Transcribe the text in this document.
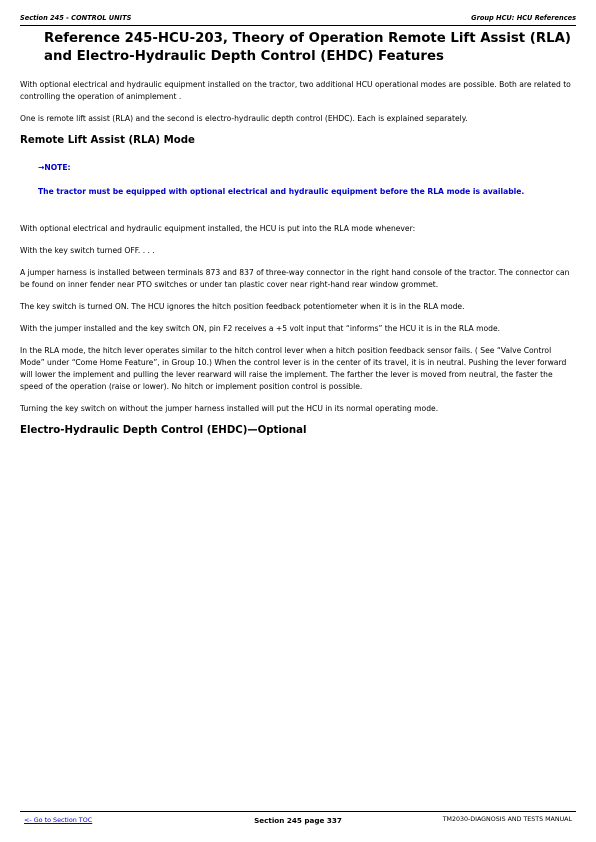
Section 245 - CONTROL UNITS	Group HCU: HCU References
Reference 245-HCU-203, Theory of Operation Remote Lift Assist (RLA) and Electro-Hydraulic Depth Control (EHDC) Features

With optional electrical and hydraulic equipment installed on the tractor, two additional HCU operational modes are possible. Both are related to controlling the operation of animplement .

One is remote lift assist (RLA) and the second is electro-hydraulic depth control (EHDC). Each is explained separately.

Remote Lift Assist (RLA) Mode
→NOTE:
The tractor must be equipped with optional electrical and hydraulic equipment before the RLA mode is available.

With optional electrical and hydraulic equipment installed, the HCU is put into the RLA mode whenever:

With the key switch turned OFF. . . .

A jumper harness is installed between terminals 873 and 837 of three-way connector in the right hand console of the tractor. The connector can be found on inner fender near PTO switches or under tan plastic cover near right-hand rear window grommet.

The key switch is turned ON. The HCU ignores the hitch position feedback potentiometer when it is in the RLA mode.

With the jumper installed and the key switch ON, pin F2 receives a +5 volt input that “informs” the HCU it is in the RLA mode.

In the RLA mode, the hitch lever operates similar to the hitch control lever when a hitch position feedback sensor fails. ( See “Valve Control Mode” under “Come Home Feature”, in Group 10.) When the control lever is in the center of its travel, it is in neutral. Pushing the lever forward will lower the implement and pulling the lever rearward will raise the implement. The farther the lever is moved from neutral, the faster the speed of the operation (raise or lower). No hitch or implement position control is possible.

Turning the key switch on without the jumper harness installed will put the HCU in its normal operating mode.

Electro-Hydraulic Depth Control (EHDC)—Optional
<- Go to Section TOC	Section 245 page 337	TM2030-DIAGNOSIS AND TESTS MANUAL
